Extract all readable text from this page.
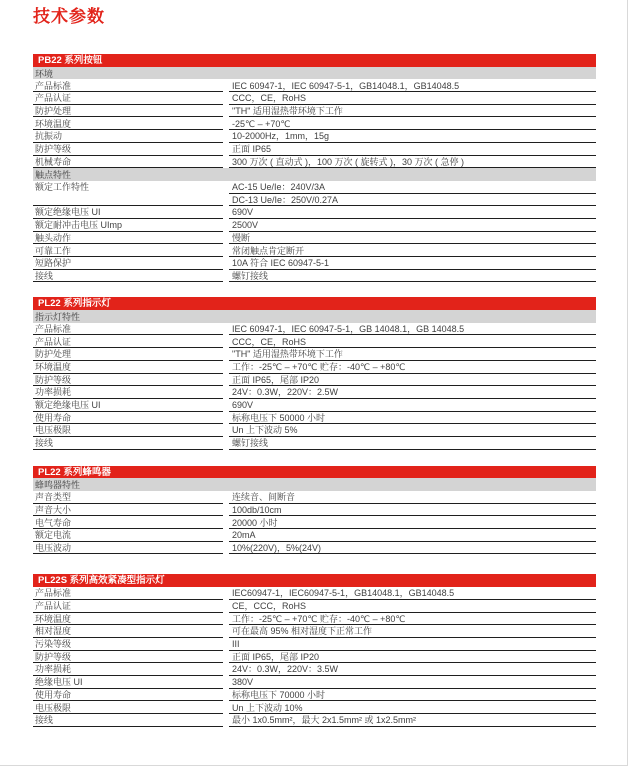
技术参数
PB22 系列按钮
环境
产品标准	IEC 60947-1，IEC 60947-5-1，GB14048.1，GB14048.5
产品认证	CCC，CE，RoHS
防护处理	"TH" 适用湿热带环境下工作
环境温度	-25℃ – +70℃
抗振动	10-2000Hz，1mm，15g
防护等级	正面 IP65
机械寿命	300 万次 ( 直动式 )，100 万次 ( 旋转式 )，30 万次 ( 急停 )
触点特性
额定工作特性	AC-15 Ue/Ie：240V/3A
DC-13 Ue/Ie：250V/0.27A
额定绝缘电压 UI	690V
额定耐冲击电压 UImp	2500V
触头动作	慢断
可靠工作	常闭触点肯定断开
短路保护	10A 符合 IEC 60947-5-1
接线	螺钉接线
PL22 系列指示灯
指示灯特性
产品标准	IEC 60947-1，IEC 60947-5-1，GB 14048.1，GB 14048.5
产品认证	CCC，CE，RoHS
防护处理	"TH" 适用湿热带环境下工作
环境温度	工作：-25℃ – +70℃ 贮存：-40℃ – +80℃
防护等级	正面 IP65，尾部 IP20
功率损耗	24V：0.3W，220V：2.5W
额定绝缘电压 UI	690V
使用寿命	标称电压下 50000 小时
电压极限	Un 上下波动 5%
接线	螺钉接线
PL22 系列蜂鸣器
蜂鸣器特性
声音类型	连续音、间断音
声音大小	100db/10cm
电气寿命	20000 小时
额定电流	20mA
电压波动	10%(220V)，5%(24V)
PL22S 系列高效紧凑型指示灯
产品标准	IEC60947-1，IEC60947-5-1，GB14048.1，GB14048.5
产品认证	CE，CCC，RoHS
环境温度	工作：-25℃ – +70℃ 贮存：-40℃ – +80℃
相对湿度	可在最高 95% 相对湿度下正常工作
污染等级	III
防护等级	正面 IP65，尾部 IP20
功率损耗	24V：0.3W，220V：3.5W
绝缘电压 UI	380V
使用寿命	标称电压下 70000 小时
电压极限	Un 上下波动 10%
接线	最小 1x0.5mm²，最大 2x1.5mm² 或 1x2.5mm²
